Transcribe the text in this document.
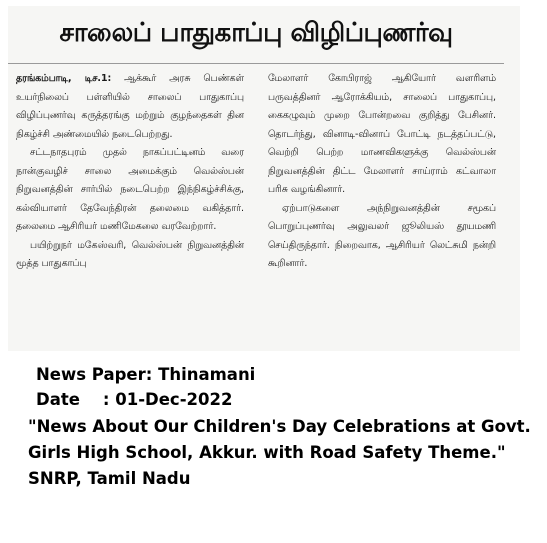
சாலைப் பாதுகாப்பு விழிப்புணர்வு

தரங்கம்பாடி, டிச.1: ஆக்கூர் அரசு பெண்கள் உயர்நிலைப் பள்ளியில் சாலைப் பாதுகாப்பு விழிப்புணர்வு கருத்தரங்கு மற்றும் குழந்தைகள் தின நிகழ்ச்சி அண்மையில் நடைபெற்றது.

சட்டநாதபுரம் முதல் நாகப்பட்டினம் வரை நான்குவழிச் சாலை அமைக்கும் வெல்ஸ்பன் நிறுவனத்தின் சார்பில் நடைபெற்ற இந்நிகழ்ச்சிக்கு, கல்வியாளர் தேவேந்திரன் தலைமை வகித்தார். தலைமை ஆசிரியர் மணிமேகலை வரவேற்றார்.

பயிற்றுநர் மகேஸ்வரி, வெல்ஸ்பன் நிறுவனத்தின் மூத்த பாதுகாப்பு

மேலாளர் கோபிராஜ் ஆகியோர் வளரிளம் பருவத்தினர் ஆரோக்கியம், சாலைப் பாதுகாப்பு, கைகழுவும் முறை போன்றவை குறித்து பேசினர். தொடர்ந்து, வினாடி-வினாப் போட்டி நடத்தப்பட்டு, வெற்றி பெற்ற மாணவிகளுக்கு வெல்ஸ்பன் நிறுவனத்தின் திட்ட மேலாளர் சாய்ராம் கட்வாலா பரிசு வழங்கினார்.

ஏற்பாடுகளை அந்நிறுவனத்தின் சமூகப் பொறுப்புணர்வு அலுவலர் ஜூலியஸ் தூயமணி செய்திருந்தார். நிறைவாக, ஆசிரியர் லெட்சுமி நன்றி கூறினார்.

News Paper: Thinamani
Date    : 01-Dec-2022
"News About Our Children's Day Celebrations at Govt. Girls High School, Akkur. with Road Safety Theme." SNRP, Tamil Nadu
